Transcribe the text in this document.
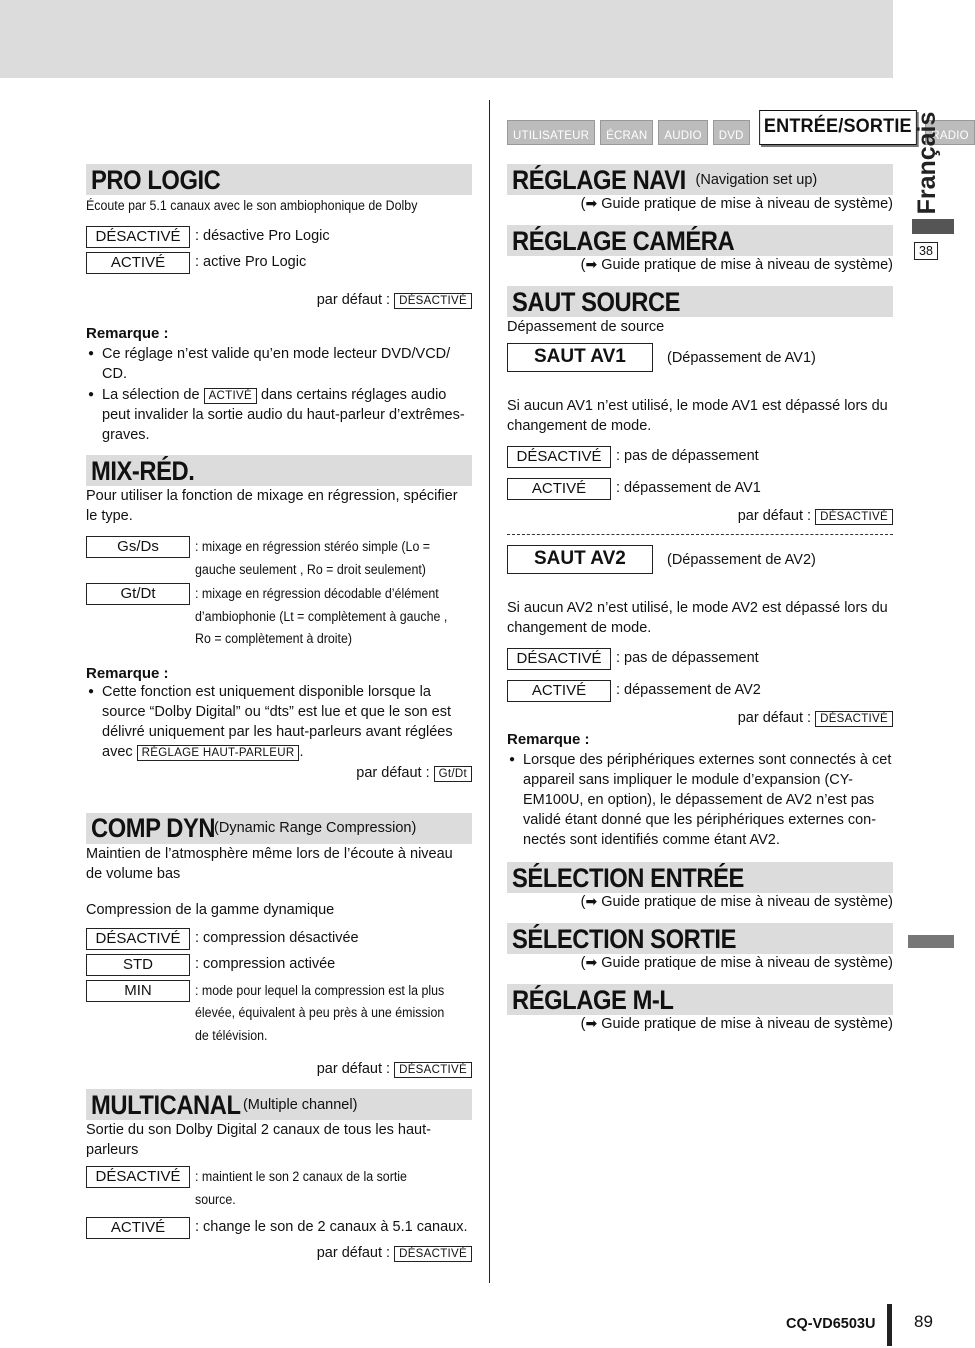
PRO LOGIC

Écoute par 5.1 canaux avec le son ambiophonique de Dolby

DÉSACTIVÉ : désactive Pro Logic
ACTIVÉ	: active Pro Logic
par défaut : DÉSACTIVÉ
Remarque :
● Ce réglage n’est valide qu’en mode lecteur DVD/VCD/ CD.
● La sélection de ACTIVÉ dans certains réglages audio peut invalider la sortie audio du haut-parleur d’extrêmes-graves.
MIX-RÉD.

Pour utiliser la fonction de mixage en régression, spécifier le type.

Gs/Ds	: mixage en régression stéréo simple (Lo = gauche seulement , Ro = droit seulement)
Gt/Dt	: mixage en régression décodable d’élément d’ambiophonie (Lt = complètement à gauche , Ro = complètement à droite)
Remarque :
● Cette fonction est uniquement disponible lorsque la source “Dolby Digital” ou “dts” est lue et que le son est délivré uniquement par les haut-parleurs avant réglées avec RÉGLAGE HAUT-PARLEUR .
par défaut : Gt/Dt
COMP DYN
(Dynamic Range Compression)

Maintien de l’atmosphère même lors de l’écoute à niveau de volume bas

Compression de la gamme dynamique

DÉSACTIVÉ : compression désactivée
STD	: compression activée
MIN	: mode pour lequel la compression est la plus élevée, équivalent à peu près à une émission de télévision.
par défaut : DÉSACTIVÉ
MULTICANAL (Multiple channel)

Sortie du son Dolby Digital 2 canaux de tous les haut-parleurs

DÉSACTIVÉ	: maintient le son 2 canaux de la sortie source.
ACTIVÉ	: change le son de 2 canaux à 5.1 canaux.
par défaut : DÉSACTIVÉ
UTILISATEUR	ÉCRAN	AUDIO	DVD	ENTRÉE/SORTIE	RADIO
RÉGLAGE NAVI (Navigation set up)
(➡ Guide pratique de mise à niveau de système)
RÉGLAGE CAMÉRA
(➡ Guide pratique de mise à niveau de système)
SAUT SOURCE

Dépassement de source

SAUT AV1	(Dépassement de AV1)

Si aucun AV1 n’est utilisé, le mode AV1 est dépassé lors du changement de mode.

DÉSACTIVÉ : pas de dépassement
ACTIVÉ	: dépassement de AV1
par défaut : DÉSACTIVÉ
SAUT AV2	(Dépassement de AV2)

Si aucun AV2 n’est utilisé, le mode AV2 est dépassé lors du changement de mode.

DÉSACTIVÉ : pas de dépassement
ACTIVÉ	: dépassement de AV2
par défaut : DÉSACTIVÉ
Remarque :
● Lorsque des périphériques externes sont connectés à cet appareil sans impliquer le module d’expansion (CY-EM100U, en option), le dépassement de AV2 n’est pas validé étant donné que les périphériques externes con- nectés sont identifiés comme étant AV2.
SÉLECTION ENTRÉE
(➡ Guide pratique de mise à niveau de système)
SÉLECTION SORTIE
(➡ Guide pratique de mise à niveau de système)
RÉGLAGE M-L
(➡ Guide pratique de mise à niveau de système)
Français
38
CQ-VD6503U 89
